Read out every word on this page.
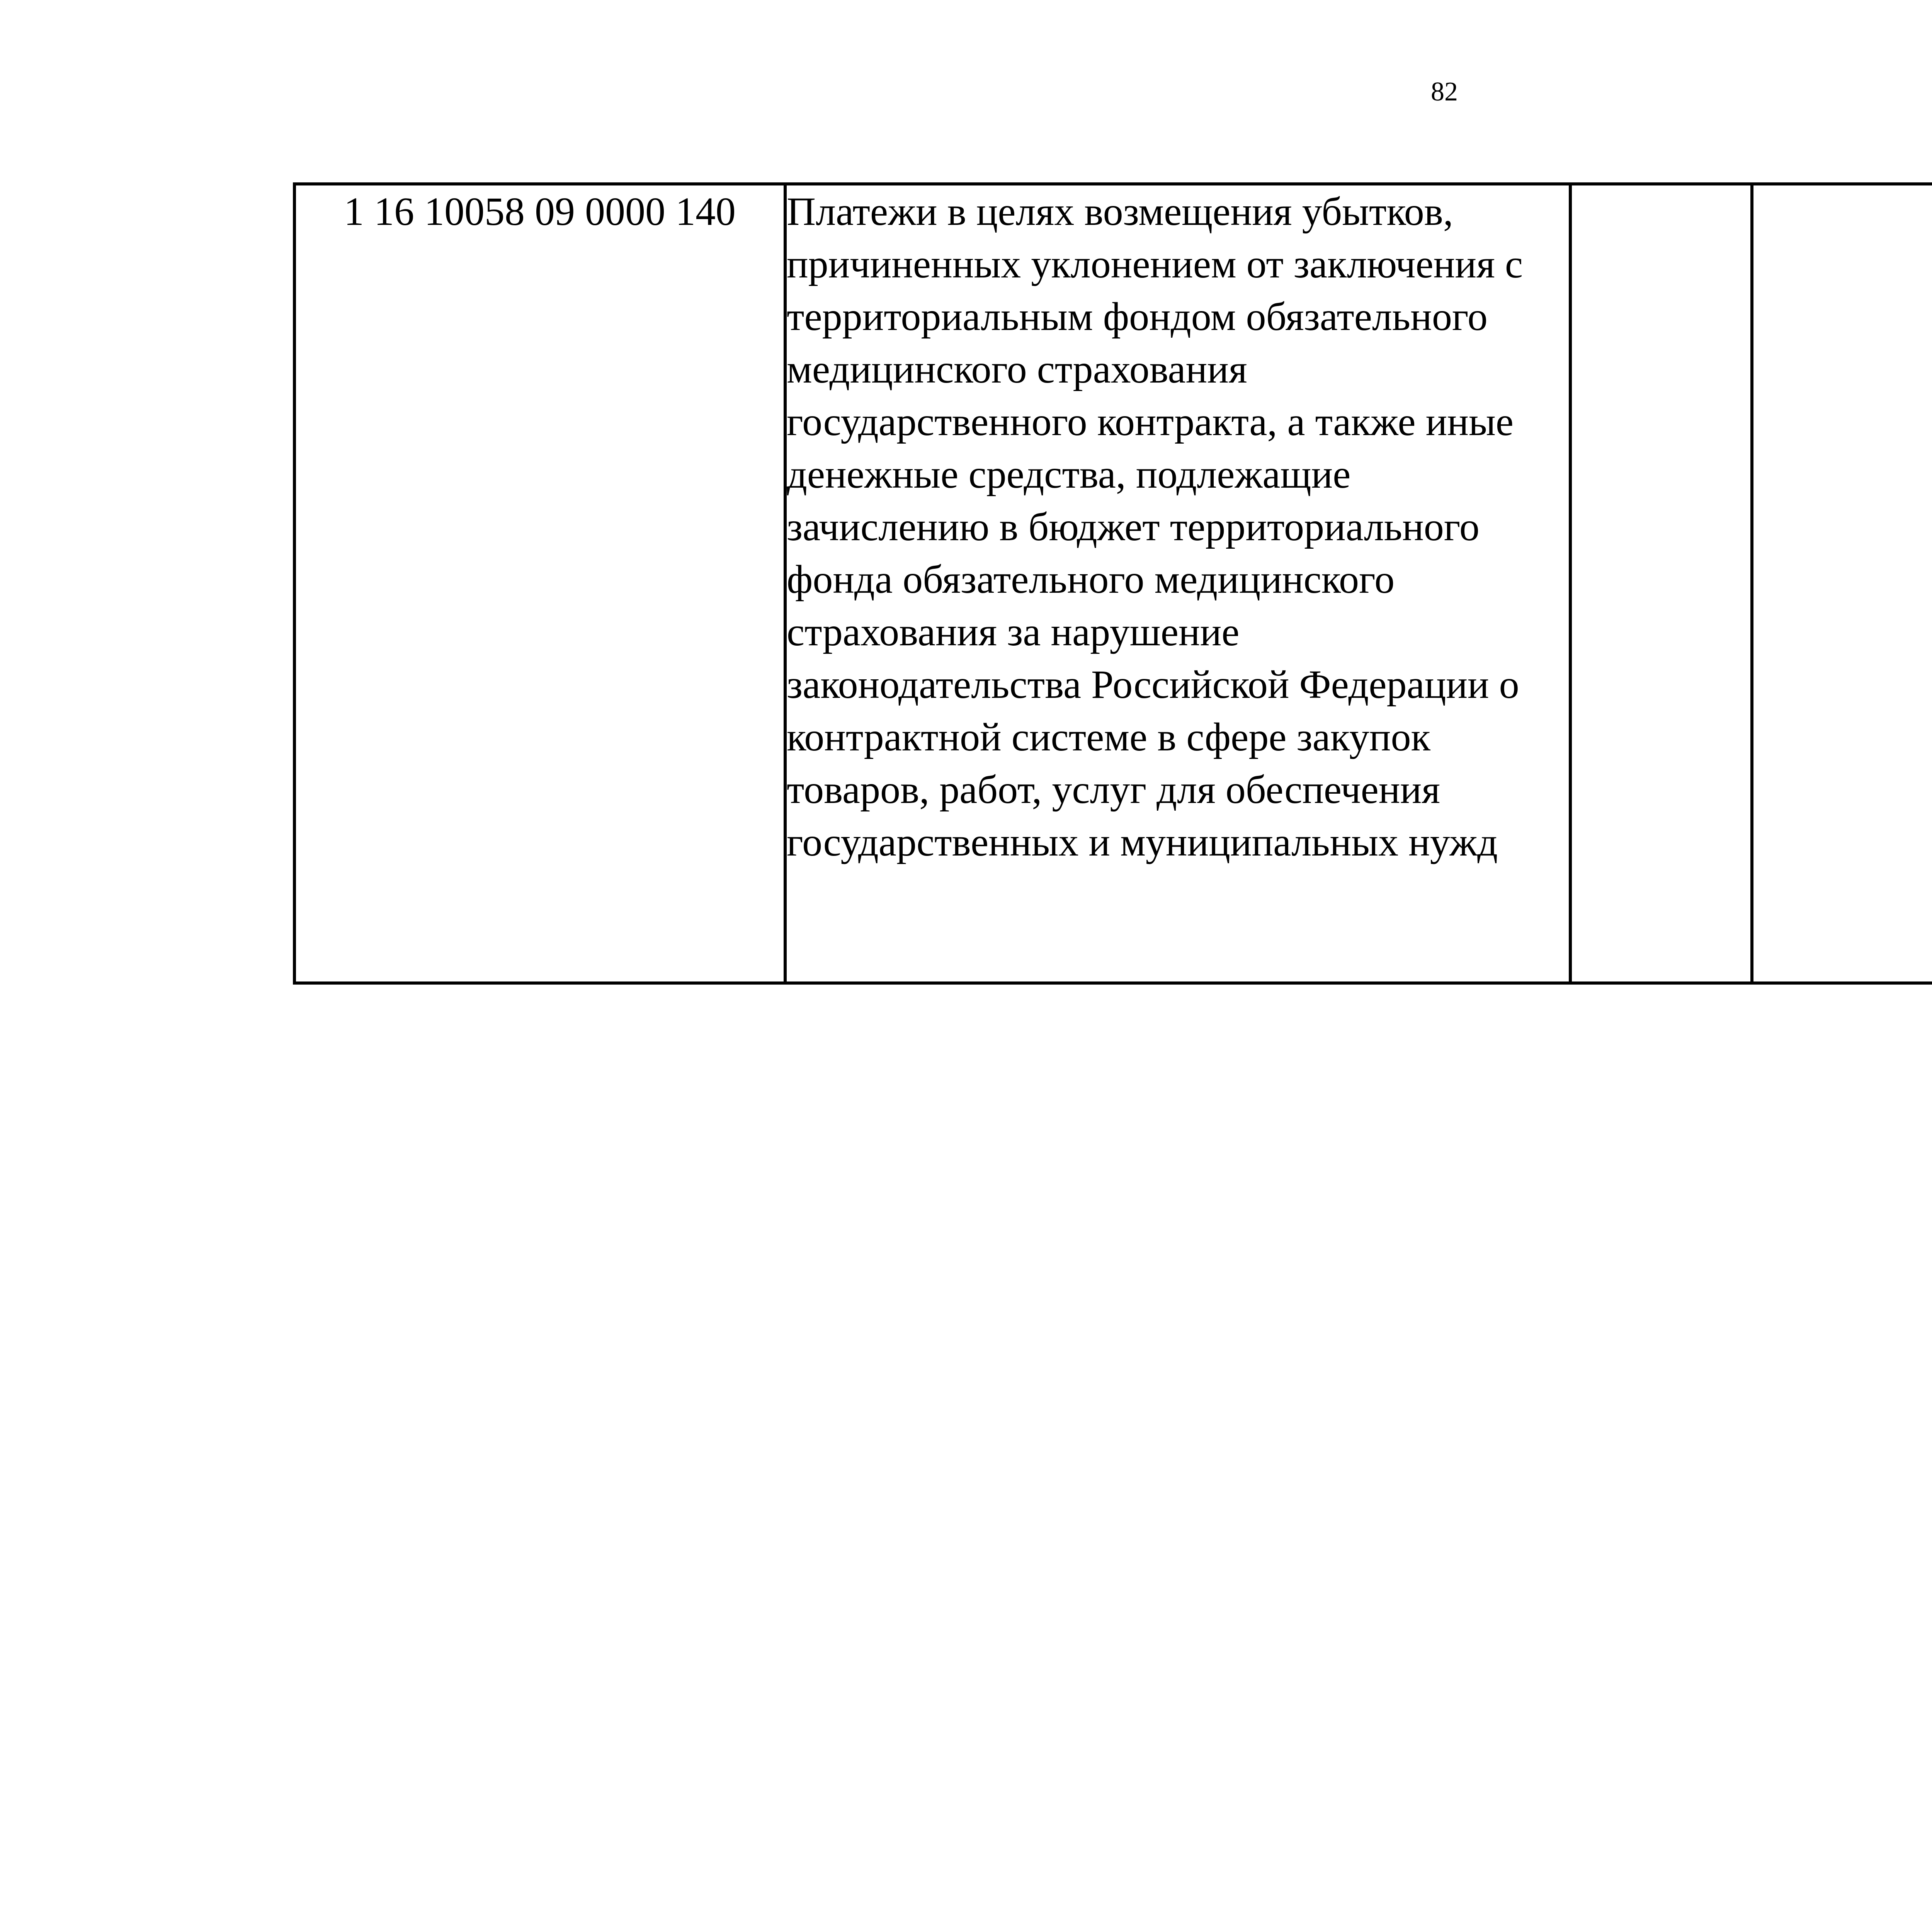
82
1 16 10058 09 0000 140	Платежи в целях возмещения убытков,
причиненных уклонением от заключения с
территориальным фондом обязательного
медицинского страхования
государственного контракта, а также иные
денежные средства, подлежащие
зачислению в бюджет территориального
фонда обязательного медицинского
страхования за нарушение
законодательства Российской Федерации о
контрактной системе в сфере закупок
товаров, работ, услуг для обеспечения
государственных и муниципальных нужд
